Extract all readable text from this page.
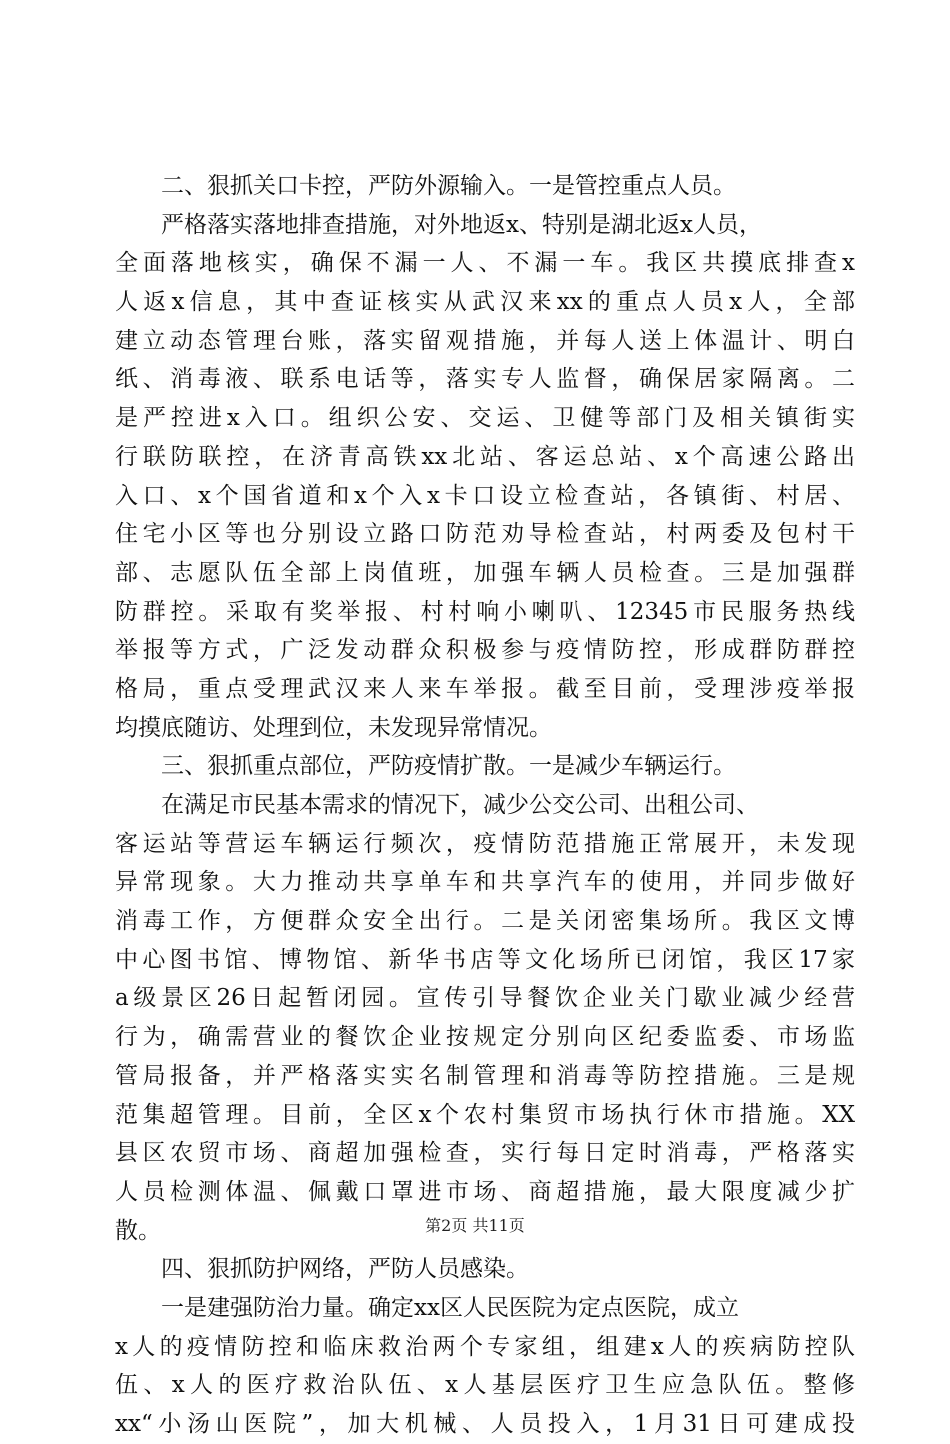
　　二、狠抓关口卡控，严防外源输入。一是管控重点人员。
　　严格落实落地排查措施，对外地返x、特别是湖北返x人员，
全面落地核实，确保不漏一人、不漏一车。我区共摸底排查x
人返x信息，其中查证核实从武汉来xx的重点人员x人，全部
建立动态管理台账，落实留观措施，并每人送上体温计、明白
纸、消毒液、联系电话等，落实专人监督，确保居家隔离。二
是严控进x入口。组织公安、交运、卫健等部门及相关镇街实
行联防联控，在济青高铁xx北站、客运总站、x个高速公路出
入口、x个国省道和x个入x卡口设立检查站，各镇街、村居、
住宅小区等也分别设立路口防范劝导检查站，村两委及包村干
部、志愿队伍全部上岗值班，加强车辆人员检查。三是加强群
防群控。采取有奖举报、村村响小喇叭、12345市民服务热线
举报等方式，广泛发动群众积极参与疫情防控，形成群防群控
格局，重点受理武汉来人来车举报。截至目前，受理涉疫举报
均摸底随访、处理到位，未发现异常情况。
　　三、狠抓重点部位，严防疫情扩散。一是减少车辆运行。
　　在满足市民基本需求的情况下，减少公交公司、出租公司、
客运站等营运车辆运行频次，疫情防范措施正常展开，未发现
异常现象。大力推动共享单车和共享汽车的使用，并同步做好
消毒工作，方便群众安全出行。二是关闭密集场所。我区文博
中心图书馆、博物馆、新华书店等文化场所已闭馆，我区17家
a级景区26日起暂闭园。宣传引导餐饮企业关门歇业减少经营
行为，确需营业的餐饮企业按规定分别向区纪委监委、市场监
管局报备，并严格落实实名制管理和消毒等防控措施。三是规
范集超管理。目前，全区x个农村集贸市场执行休市措施。XX
县区农贸市场、商超加强检查，实行每日定时消毒，严格落实
人员检测体温、佩戴口罩进市场、商超措施，最大限度减少扩
散。
　　四、狠抓防护网络，严防人员感染。
　　一是建强防治力量。确定xx区人民医院为定点医院，成立
x人的疫情防控和临床救治两个专家组，组建x人的疾病防控队
伍、x人的医疗救治队伍、x人基层医疗卫生应急队伍。整修
xx“小汤山医院”，加大机械、人员投入，1月31日可建成投
第2页 共11页
